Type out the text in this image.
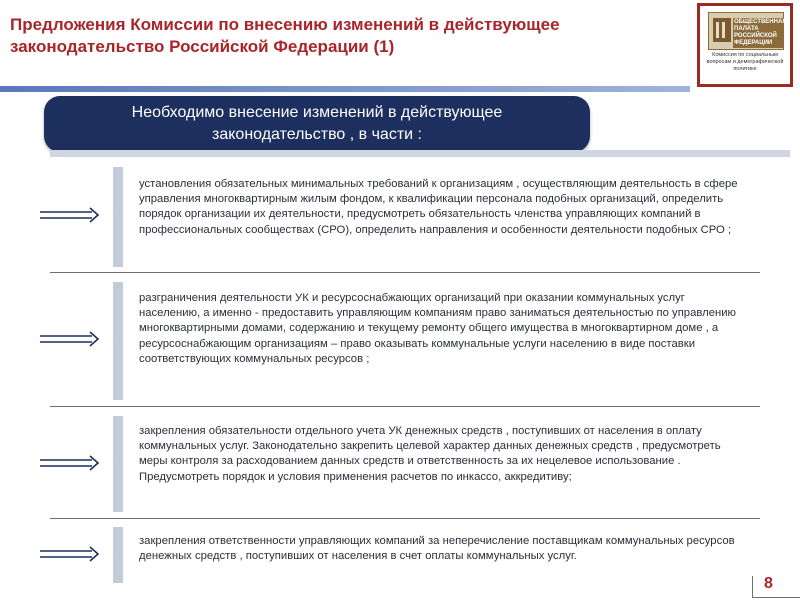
Предложения Комиссии по внесению изменений в действующее законодательство Российской Федерации (1)
ОБЩЕСТВЕННАЯ ПАЛАТА РОССИЙСКОЙ ФЕДЕРАЦИИ
Комиссия по социальным вопросам и демографической политике
Необходимо внесение изменений в действующее
законодательство , в части :
установления обязательных минимальных требований к организациям , осуществляющим деятельность в сфере управления многоквартирным жилым фондом, к квалификации персонала подобных организаций, определить порядок организации их деятельности, предусмотреть обязательность членства управляющих компаний в профессиональных сообществах (СРО), определить направления и особенности деятельности подобных СРО ;
разграничения деятельности УК и ресурсоснабжающих организаций при оказании коммунальных услуг населению, а именно - предоставить управляющим компаниям право заниматься деятельностью по управлению многоквартирными домами, содержанию и текущему ремонту общего имущества в многоквартирном доме , а ресурсоснабжающим организациям – право оказывать коммунальные услуги населению в виде поставки соответствующих коммунальных ресурсов ;
закрепления обязательности отдельного учета УК денежных средств , поступивших от населения в оплату коммунальных услуг. Законодательно закрепить целевой характер данных денежных средств , предусмотреть меры контроля за расходованием данных средств и ответственность за их нецелевое использование . Предусмотреть порядок и условия применения расчетов по инкассо, аккредитиву;
закрепления ответственности управляющих компаний за неперечисление поставщикам коммунальных ресурсов денежных средств , поступивших от населения в счет оплаты коммунальных услуг.
8
